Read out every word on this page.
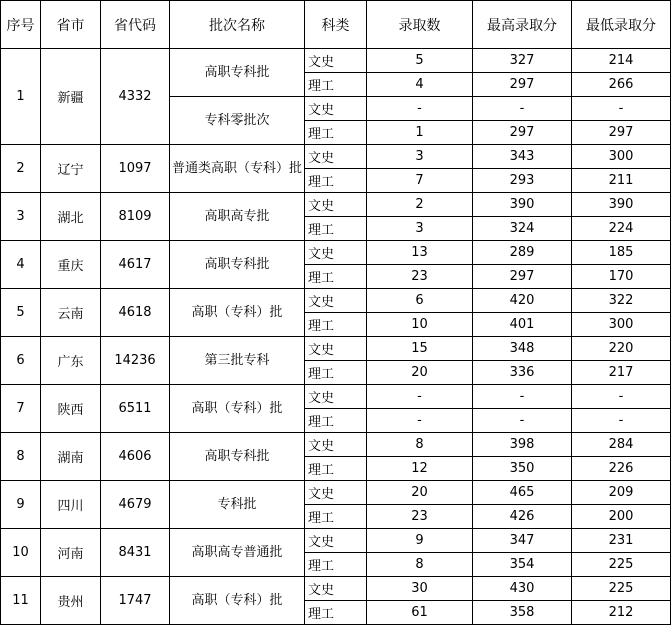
序号	省市	省代码	批次名称	科类	录取数	最高录取分	最低录取分
1	新疆	4332	高职专科批	文史	5	327	214
				理工	4	297	266
			专科零批次	文史	-	-	-
				理工	1	297	297
2	辽宁	1097	普通类高职（专科）批	文史	3	343	300
				理工	7	293	211
3	湖北	8109	高职高专批	文史	2	390	390
				理工	3	324	224
4	重庆	4617	高职专科批	文史	13	289	185
				理工	23	297	170
5	云南	4618	高职（专科）批	文史	6	420	322
				理工	10	401	300
6	广东	14236	第三批专科	文史	15	348	220
				理工	20	336	217
7	陕西	6511	高职（专科）批	文史	-	-	-
				理工	-	-	-
8	湖南	4606	高职专科批	文史	8	398	284
				理工	12	350	226
9	四川	4679	专科批	文史	20	465	209
				理工	23	426	200
10	河南	8431	高职高专普通批	文史	9	347	231
				理工	8	354	225
11	贵州	1747	高职（专科）批	文史	30	430	225
				理工	61	358	212
